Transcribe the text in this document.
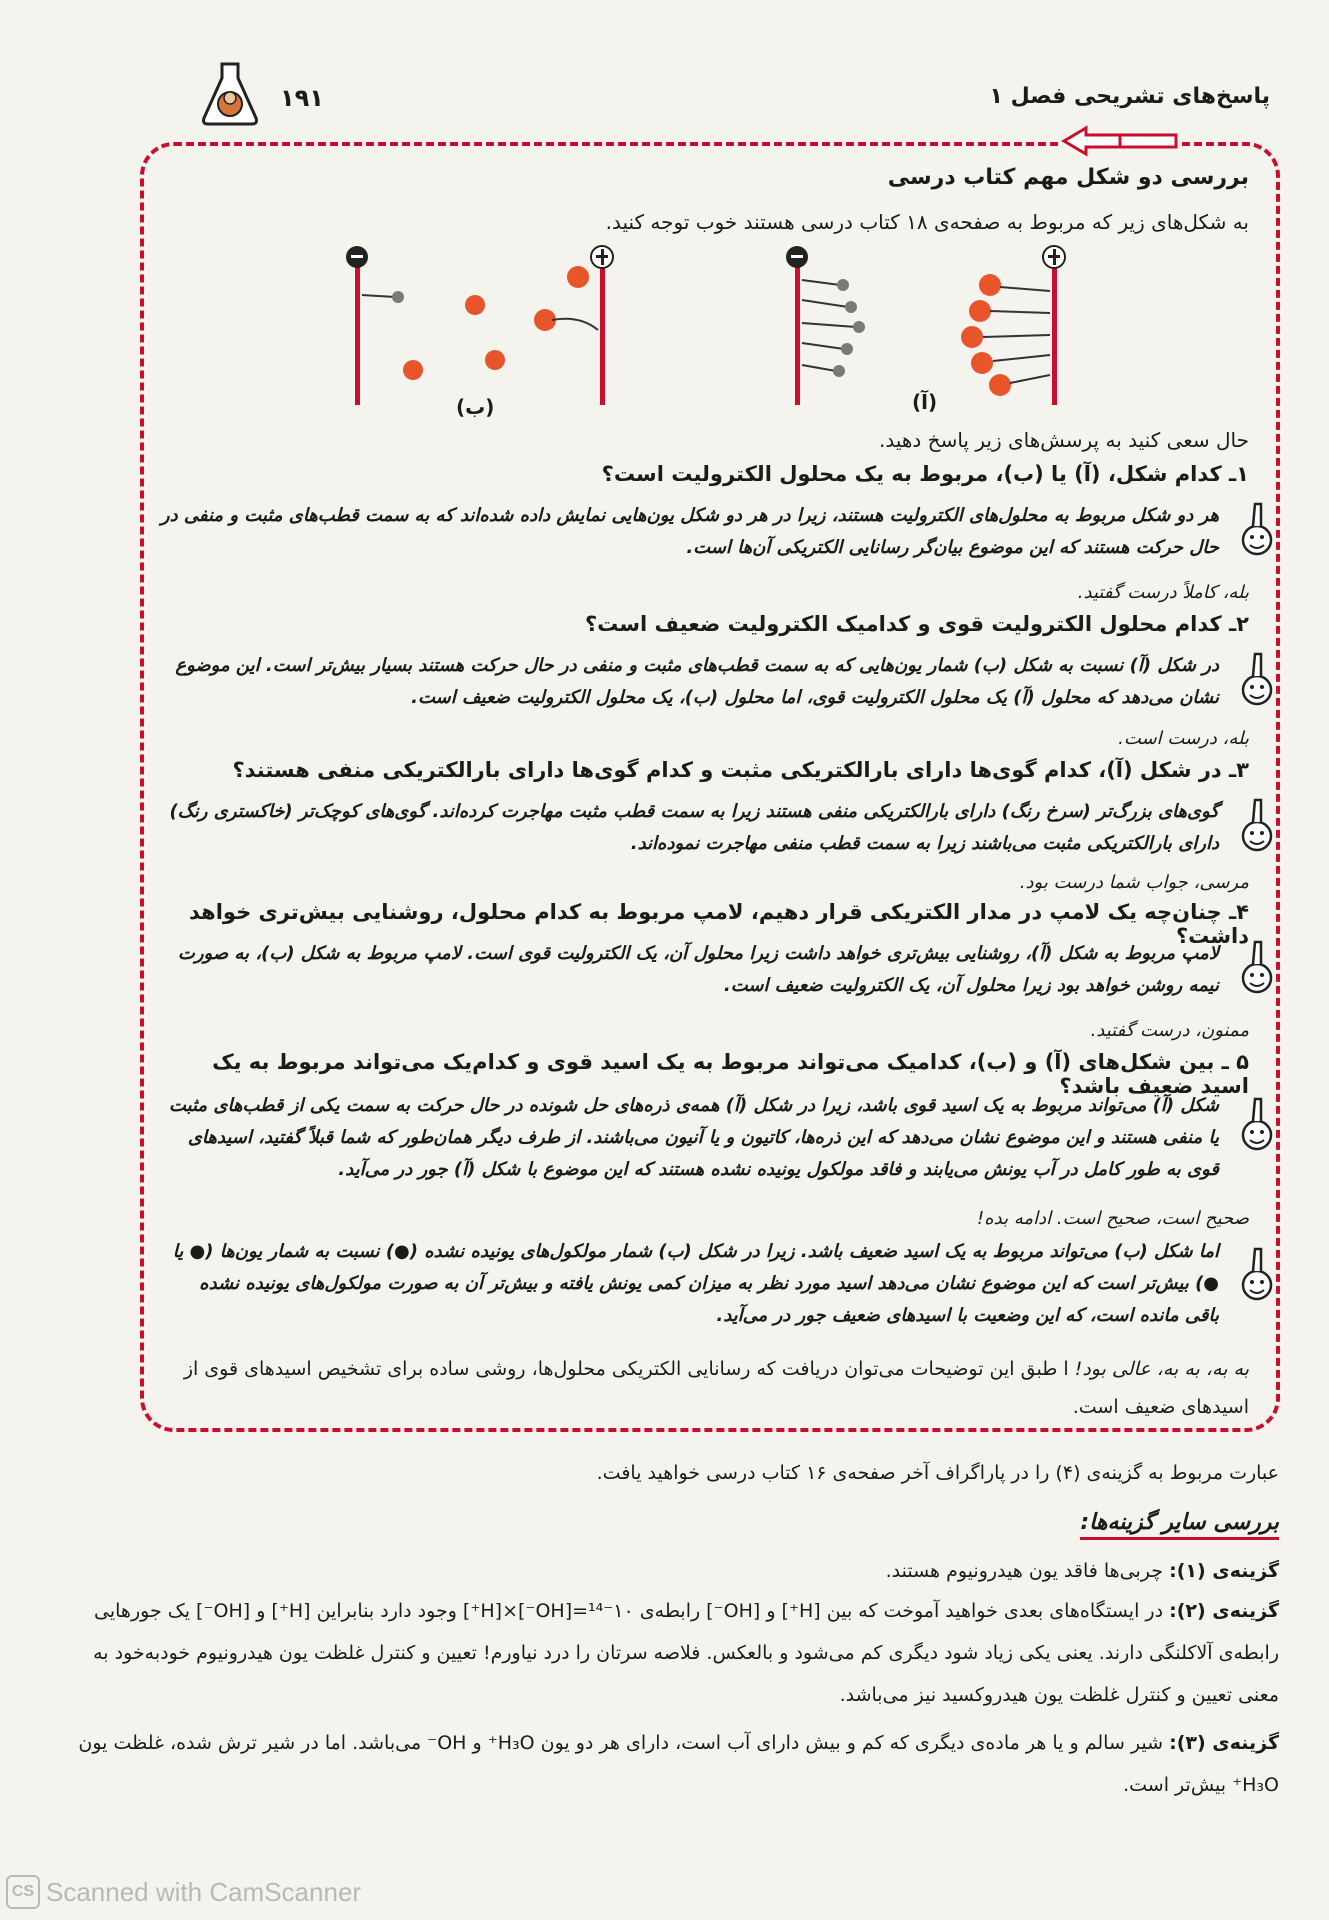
۱۹۱	پاسخ‌های تشریحی فصل ۱
بررسی دو شکل مهم کتاب درسی
به شکل‌های زیر که مربوط به صفحه‌ی ۱۸ کتاب درسی هستند خوب توجه کنید.
(ب)	(آ)
حال سعی کنید به پرسش‌های زیر پاسخ دهید.
۱ـ کدام شکل، (آ) یا (ب)، مربوط به یک محلول الکترولیت است؟
هر دو شکل مربوط به محلول‌های الکترولیت هستند، زیرا در هر دو شکل یون‌هایی نمایش داده شده‌اند که به سمت قطب‌های مثبت و منفی در حال حرکت هستند که این موضوع بیان‌گر رسانایی الکتریکی آن‌ها است.
بله، کاملاً درست گفتید.
۲ـ کدام محلول الکترولیت قوی و کدامیک الکترولیت ضعیف است؟
در شکل (آ) نسبت به شکل (ب) شمار یون‌هایی که به سمت قطب‌های مثبت و منفی در حال حرکت هستند بسیار بیش‌تر است. این موضوع نشان می‌دهد که محلول (آ) یک محلول الکترولیت قوی، اما محلول (ب)، یک محلول الکترولیت ضعیف است.
بله، درست است.
۳ـ در شکل (آ)، کدام گوی‌ها دارای بارالکتریکی مثبت و کدام گوی‌ها دارای بارالکتریکی منفی هستند؟
گوی‌های بزرگ‌تر (سرخ رنگ) دارای بارالکتریکی منفی هستند زیرا به سمت قطب مثبت مهاجرت کرده‌اند. گوی‌های کوچک‌تر (خاکستری رنگ) دارای بارالکتریکی مثبت می‌باشند زیرا به سمت قطب منفی مهاجرت نموده‌اند.
مرسی، جواب شما درست بود.
۴ـ چنان‌چه یک لامپ در مدار الکتریکی قرار دهیم، لامپ مربوط به کدام محلول، روشنایی بیش‌تری خواهد داشت؟
لامپ مربوط به شکل (آ)، روشنایی بیش‌تری خواهد داشت زیرا محلول آن، یک الکترولیت قوی است. لامپ مربوط به شکل (ب)، به صورت نیمه روشن خواهد بود زیرا محلول آن، یک الکترولیت ضعیف است.
ممنون، درست گفتید.
۵ ـ بین شکل‌های (آ) و (ب)، کدامیک می‌تواند مربوط به یک اسید قوی و کدام‌یک می‌تواند مربوط به یک اسید ضعیف باشد؟
شکل (آ) می‌تواند مربوط به یک اسید قوی باشد، زیرا در شکل (آ) همه‌ی ذره‌های حل شونده در حال حرکت به سمت یکی از قطب‌های مثبت یا منفی هستند و این موضوع نشان می‌دهد که این ذره‌ها، کاتیون و یا آنیون می‌باشند. از طرف دیگر همان‌طور که شما قبلاً گفتید، اسیدهای قوی به طور کامل در آب یونش می‌یابند و فاقد مولکول یونیده نشده هستند که این موضوع با شکل (آ) جور در می‌آید.
صحیح است، صحیح است. ادامه بده!
اما شکل (ب) می‌تواند مربوط به یک اسید ضعیف باشد. زیرا در شکل (ب) شمار مولکول‌های یونیده نشده (●) نسبت به شمار یون‌ها (● یا ●) بیش‌تر است که این موضوع نشان می‌دهد اسید مورد نظر به میزان کمی یونش یافته و بیش‌تر آن به صورت مولکول‌های یونیده نشده باقی مانده است، که این وضعیت با اسیدهای ضعیف جور در می‌آید.
به به، به به، عالی بود! ا طبق این توضیحات می‌توان دریافت که رسانایی الکتریکی محلول‌ها، روشی ساده برای تشخیص اسیدهای قوی از اسیدهای ضعیف است.
عبارت مربوط به گزینه‌ی (۴) را در پاراگراف آخر صفحه‌ی ۱۶ کتاب درسی خواهید یافت.
بررسی سایر گزینه‌ها:
گزینه‌ی (۱): چربی‌ها فاقد یون هیدرونیوم هستند.
گزینه‌ی (۲): در ایستگاه‌های بعدی خواهید آموخت که بین [H⁺] و [OH⁻] رابطه‌ی ۱۰⁻¹⁴=[OH⁻]×[H⁺] وجود دارد بنابراین [H⁺] و [OH⁻] یک جورهایی رابطه‌ی آلاکلنگی دارند. یعنی یکی زیاد شود دیگری کم می‌شود و بالعکس. فلاصه سرتان را درد نیاورم! تعیین و کنترل غلظت یون هیدرونیوم خودبه‌خود به معنی تعیین و کنترل غلظت یون هیدروکسید نیز می‌باشد.
گزینه‌ی (۳): شیر سالم و یا هر ماده‌ی دیگری که کم و بیش دارای آب است، دارای هر دو یون H₃O⁺ و OH⁻ می‌باشد. اما در شیر ترش شده، غلظت یون H₃O⁺ بیش‌تر است.
CS Scanned with CamScanner
